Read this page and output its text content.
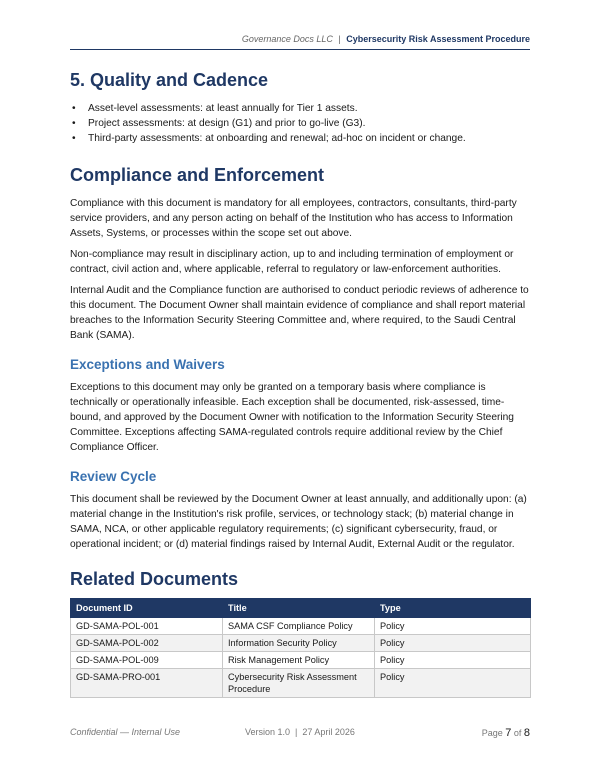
Governance Docs LLC | Cybersecurity Risk Assessment Procedure
5. Quality and Cadence
• Asset-level assessments: at least annually for Tier 1 assets.
• Project assessments: at design (G1) and prior to go-live (G3).
• Third-party assessments: at onboarding and renewal; ad-hoc on incident or change.
Compliance and Enforcement

Compliance with this document is mandatory for all employees, contractors, consultants, third-party service providers, and any person acting on behalf of the Institution who has access to Information Assets, Systems, or processes within the scope set out above.

Non-compliance may result in disciplinary action, up to and including termination of employment or contract, civil action and, where applicable, referral to regulatory or law-enforcement authorities.

Internal Audit and the Compliance function are authorised to conduct periodic reviews of adherence to this document. The Document Owner shall maintain evidence of compliance and shall report material breaches to the Information Security Steering Committee and, where required, to the Saudi Central Bank (SAMA).

Exceptions and Waivers

Exceptions to this document may only be granted on a temporary basis where compliance is technically or operationally infeasible. Each exception shall be documented, risk-assessed, time-bound, and approved by the Document Owner with notification to the Information Security Steering Committee. Exceptions affecting SAMA-regulated controls require additional review by the Chief Compliance Officer.

Review Cycle

This document shall be reviewed by the Document Owner at least annually, and additionally upon: (a) material change in the Institution's risk profile, services, or technology stack; (b) material change in SAMA, NCA, or other applicable regulatory requirements; (c) significant cybersecurity, fraud, or operational incident; or (d) material findings raised by Internal Audit, External Audit or the regulator.

Related Documents
Document ID	Title	Type
GD-SAMA-POL-001	SAMA CSF Compliance Policy	Policy
GD-SAMA-POL-002	Information Security Policy	Policy
GD-SAMA-POL-009	Risk Management Policy	Policy
GD-SAMA-PRO-001	Cybersecurity Risk Assessment Procedure	Policy
Confidential — Internal Use	Version 1.0  |  27 April 2026	Page 7 of 8
